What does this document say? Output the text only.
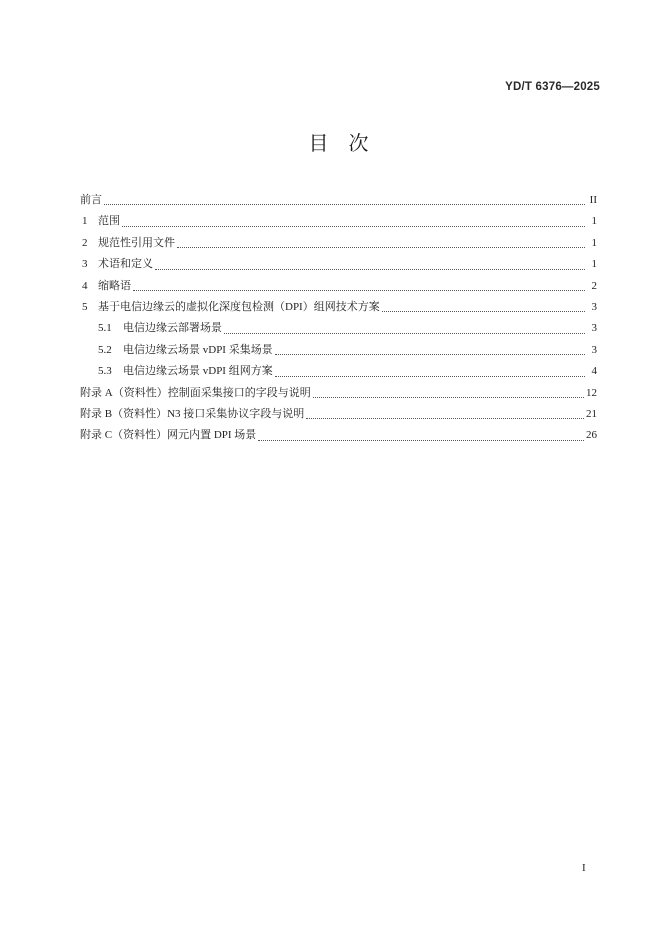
YD/T 6376—2025
目　次
前言	II
1 范围	1
2 规范性引用文件	1
3 术语和定义	1
4 缩略语	2
5 基于电信边缘云的虚拟化深度包检测（DPI）组网技术方案	3
5.1	电信边缘云部署场景	3
5.2	电信边缘云场景 vDPI 采集场景	3
5.3	电信边缘云场景 vDPI 组网方案	4
附录 A（资料性）控制面采集接口的字段与说明	12
附录 B（资料性）N3 接口采集协议字段与说明	21
附录 C（资料性）网元内置 DPI 场景	26
I
